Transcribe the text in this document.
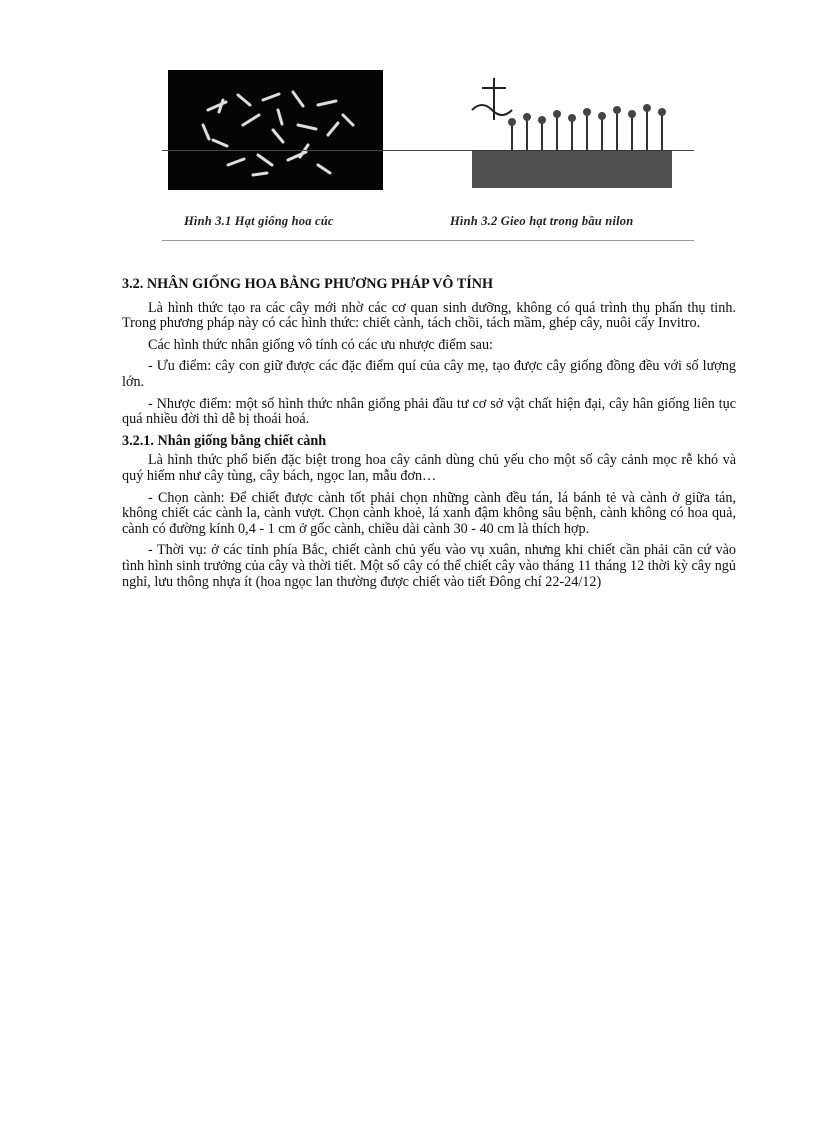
Hình 3.1 Hạt giống hoa cúc	Hình 3.2 Gieo hạt trong bầu nilon
3.2. NHÂN GIỐNG HOA BẰNG PHƯƠNG PHÁP VÔ TÍNH

Là hình thức tạo ra các cây mới nhờ các cơ quan sinh dưỡng, không có quá trình thụ phấn thụ tinh. Trong phương pháp này có các hình thức: chiết cành, tách chồi, tách mầm, ghép cây, nuôi cấy Invitro.

Các hình thức nhân giống vô tính có các ưu nhược điểm sau:

- Ưu điểm: cây con giữ được các đặc điểm quí của cây mẹ, tạo được cây giống đồng đều với số lượng lớn.

- Nhược điểm: một số hình thức nhân giống phải đầu tư cơ sở vật chất hiện đại, cây hân giống liên tục quá nhiều đời thì dễ bị thoái hoá.

3.2.1. Nhân giống bằng chiết cành

Là hình thức phổ biến đặc biệt trong hoa cây cảnh dùng chủ yếu cho một số cây cảnh mọc rễ khó và quý hiếm như cây tùng, cây bách, ngọc lan, mẫu đơn…

- Chọn cành: Để chiết được cành tốt phải chọn những cành đều tán, lá bánh tẻ và cành ở giữa tán, không chiết các cành la, cành vượt. Chọn cành khoẻ, lá xanh đậm không sâu bệnh, cành không có hoa quả, cành có đường kính 0,4 - 1 cm ở gốc cành, chiều dài cành 30 - 40 cm là thích hợp.

- Thời vụ: ở các tỉnh phía Bắc, chiết cành chủ yếu vào vụ xuân, nhưng khi chiết cần phải căn cứ vào tình hình sinh trưởng của cây và thời tiết. Một số cây có thể chiết cây vào tháng 11 tháng 12 thời kỳ cây ngủ nghỉ, lưu thông nhựa ít (hoa ngọc lan thường được chiết vào tiết Đông chí 22-24/12)
